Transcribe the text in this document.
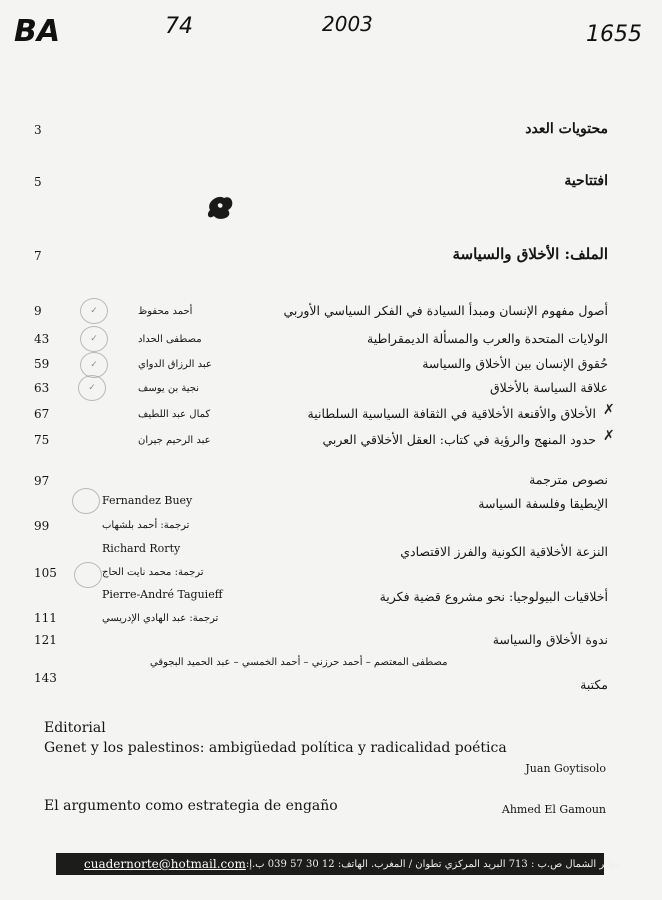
BA	74	2003	1655
3	محتويات العدد
5	افتتاحية
7	الملف: الأخلاق والسياسة
9	✓	أحمد محفوظ	أصول مفهوم الإنسان ومبدأ السيادة في الفكر السياسي الأوربي
43	✓	مصطفى الحداد	الولايات المتحدة والعرب والمسألة الديمقراطية
59	✓	عبد الرزاق الدواي	حُقوق الإنسان بين الأخلاق والسياسة
63	✓	نجية بن يوسف	علاقة السياسة بالأخلاق
67	كمال عبد اللطيف	الأخلاق والأقنعة الأخلاقية في الثقافة السياسية السلطانية ✗
75	عبد الرحيم جيران	حدود المنهج والرؤية في كتاب: العقل الأخلاقي العربي ✗
97	نصوص مترجمة
Fernandez Buey	الإيطيقا وفلسفة السياسة
99	ترجمة: أحمد بلشهاب
Richard Rorty	النزعة الأخلاقية الكونية والفرز الاقتصادي
105	ترجمة: محمد نايت الحاج
Pierre-André Taguieff	أخلاقيات البيولوجيا: نحو مشروع قضية فكرية
111	ترجمة: عبد الهادي الإدريسي
121	ندوة الأخلاق والسياسة
مصطفى المعتصم – أحمد حرزني – أحمد الخمسي – عبد الحميد البجوقي
143	مكتبة
Editorial
Genet y los palestinos: ambigüedad política y radicalidad poética
Juan Goytisolo
El argumento como estrategia de engaño	Ahmed El Gamoun
cuadernorte@hotmail.com دفاتر الشمال ص.ب : 713 البريد المركزي تطوان / المغرب. الهاتف: 12 30 57 039 ب.إ:
